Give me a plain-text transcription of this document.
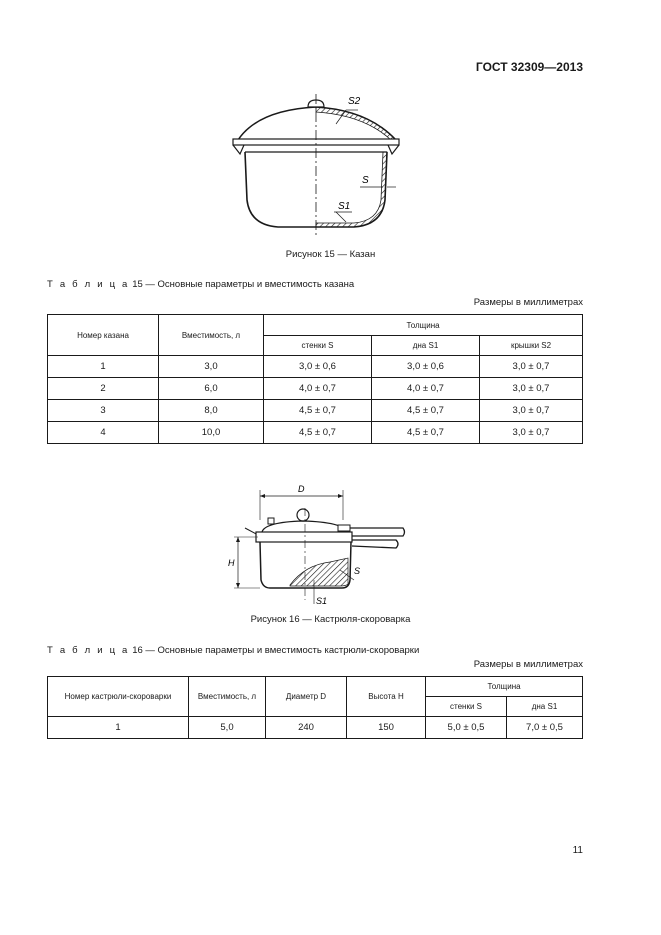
ГОСТ 32309—2013
S2
S
S1
Рисунок 15 — Казан
Т а б л и ц а 15 — Основные параметры и вместимость казана
Размеры в миллиметрах
Номер казана	Вместимость, л	Толщина		
		стенки S	дна S1	крышки S2
1	3,0	3,0 ± 0,6	3,0 ± 0,6	3,0 ± 0,7
2	6,0	4,0 ± 0,7	4,0 ± 0,7	3,0 ± 0,7
3	8,0	4,5 ± 0,7	4,5 ± 0,7	3,0 ± 0,7
4	10,0	4,5 ± 0,7	4,5 ± 0,7	3,0 ± 0,7
D
H
S
S1
Рисунок 16 — Кастрюля-скороварка
Т а б л и ц а 16 — Основные параметры и вместимость кастрюли-скороварки
Размеры в миллиметрах
Номер кастрюли-скороварки	Вместимость, л	Диаметр D	Высота H	Толщина	
				стенки S	дна S1
1	5,0	240	150	5,0 ± 0,5	7,0 ± 0,5
11
